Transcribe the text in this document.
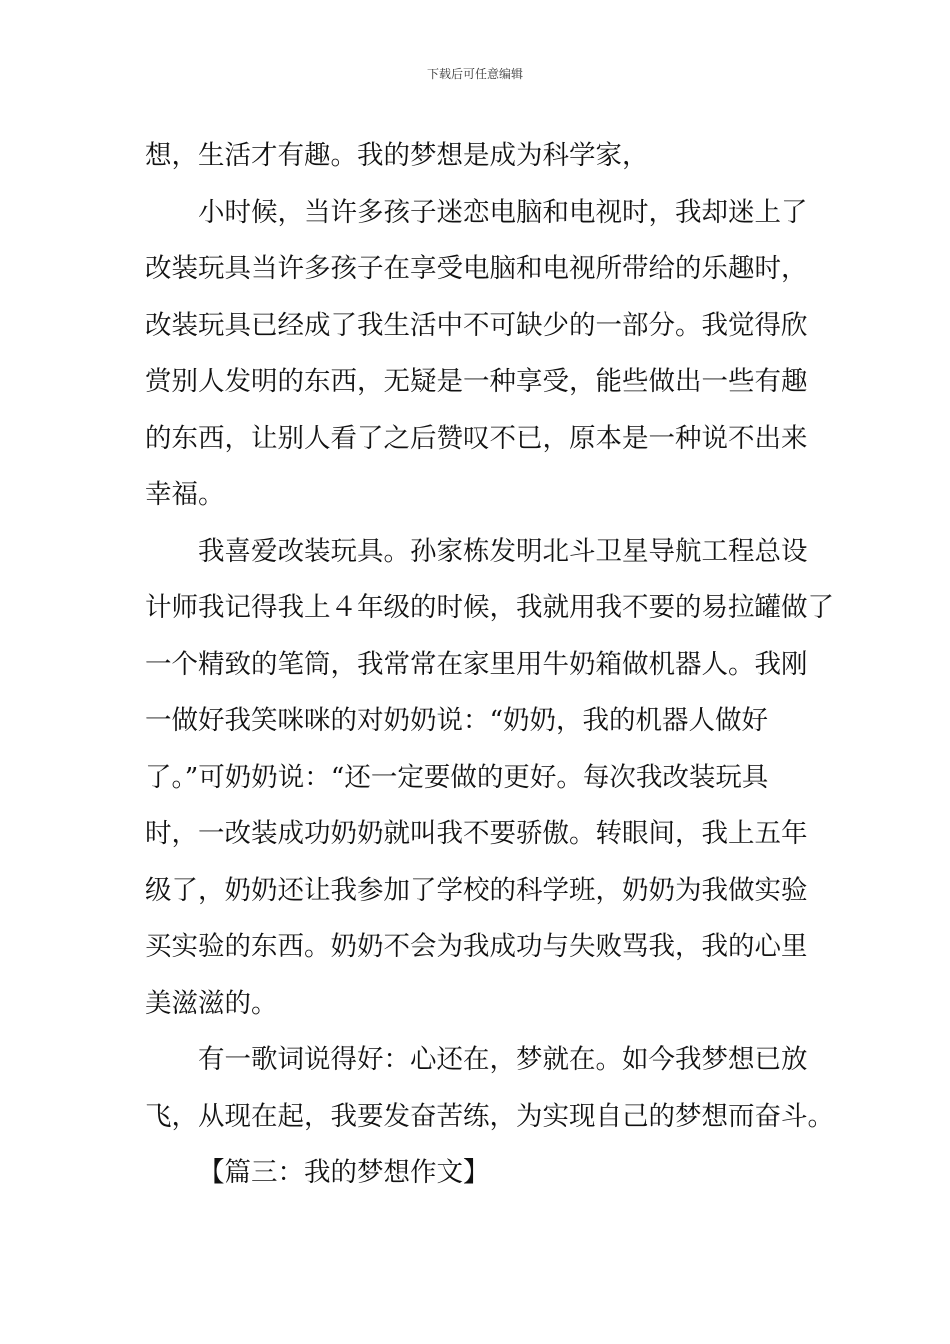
下载后可任意编辑
想，生活才有趣。我的梦想是成为科学家，
小时候，当许多孩子迷恋电脑和电视时，我却迷上了
改装玩具当许多孩子在享受电脑和电视所带给的乐趣时，
改装玩具已经成了我生活中不可缺少的一部分。我觉得欣
赏别人发明的东西，无疑是一种享受，能些做出一些有趣
的东西，让别人看了之后赞叹不已，原本是一种说不出来
幸福。
我喜爱改装玩具。孙家栋发明北斗卫星导航工程总设
计师我记得我上４年级的时候，我就用我不要的易拉罐做了
一个精致的笔筒，我常常在家里用牛奶箱做机器人。我刚
一做好我笑咪咪的对奶奶说：“奶奶，我的机器人做好
了。”可奶奶说：“还一定要做的更好。每次我改装玩具
时，一改装成功奶奶就叫我不要骄傲。转眼间，我上五年
级了，奶奶还让我参加了学校的科学班，奶奶为我做实验
买实验的东西。奶奶不会为我成功与失败骂我，我的心里
美滋滋的。
有一歌词说得好：心还在，梦就在。如今我梦想已放
飞，从现在起，我要发奋苦练，为实现自己的梦想而奋斗。
【篇三：我的梦想作文】
